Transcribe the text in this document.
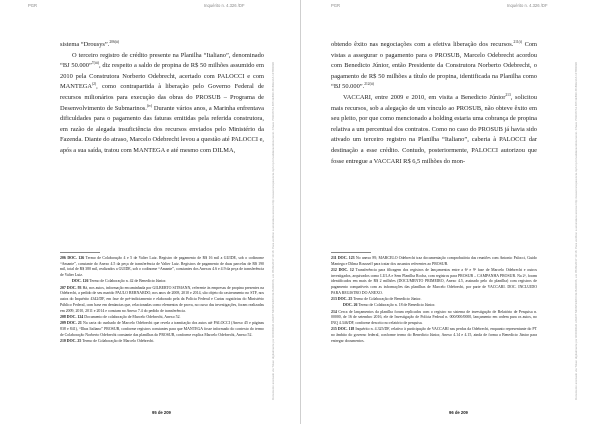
PGR	Inquérito n. 4.326 /DF

sistema “Drousys”.$^{206(ii)}$

O terceiro registro de crédito presente na Planilha “Italiano”, denominado “BJ 50.000”$^{7(iii)}$, diz respeito a saldo de propina de R$ 50 milhões assumido em 2010 pela Construtora Norberto Odebrecht, acertado com PALOCCI e com MANTEGA$^{(2)}$, como contrapartida à liberação pelo Governo Federal de recursos milionários para execução das obras do PROSUB – Programa de Desenvolvimento de Submarinos.$^{(iv)}$ Durante vários anos, a Marinha enfrentava dificuldades para o pagamento das faturas emitidas pela referida construtora, em razão de alegada insuficiência dos recursos enviados pelo Ministério da Fazenda. Diante do atraso, Marcelo Odebrecht levou a questão até PALOCCI e, após a sua saída, tratou com MANTEGA e até mesmo com DILMA,

206 DOC. 126 Termo de Colaboração 4 e 5 de Valter Luiz. Registro de pagamento de R$ 16 mil a GUIDE, sob o codinome “Amante”, constante do Anexo 4.5 da peça de transferência de Valter Luiz. Registros de pagamento de duas parcelas de R$ 190 mil, total de R$ 380 mil, realizados a GUIDE, sob o codinome “Amante”, constantes dos Anexos 4.6 e 4.9 da peça de transferência de Valter Luiz.

DOC. 126 Termo de Colaboração n. 42 de Benedicto Júnior.

207 DOC. 93 Há, nos autos, informação encaminhada por GILBERTO SITMANN, referente às empresas de propina presentes na Odebrecht, a pedido de seu marido PAULO BERNARDO, nos anos de 2008, 2010 e 2014, são objeto do rastreamento no STF, nos autos do Inquérito 4342/DF, em fase de pré-indiciamento e elaborado pela da Polícia Federal e Cartas rogatórias do Ministério Público Federal, com base em denúncias que, relacionadas como elementos de prova, no curso das investigações, foram realizadas em 2009, 2010, 2011 e 2014 e constam no Anexo 7.4 do pedido de transferência.

208 DOC. 124 Documento de colaboração de Marcelo Odebrecht, Anexo 52.

209 DOC. 21 Na carta do cunhado de Marcelo Odebrecht que revela a tramitação dos autos até PALOCCI (Anexo 45 e páginas 838 e 841), “Ilhas Italiano” PROSUB, conforme registros constantes para que MANTEGA fosse informado do contexto do termo de Colaboração Norberto Odebrecht constante das planilhas do PROSUB, conforme explica Marcelo Odebrecht, Anexo 52.

210 DOC. 25 Termo de Colaboração de Marcelo Odebrecht.

95 de 209
Documento assinado via Token digitalmente por RODRIGO JANOT MONTEIRO DE BARROS, em 05/09/2017 19:18. Para verificar a assinatura acesse http://www.transparencia.mpf.mp.br/validacaodocumento. Chave 7D1C87A1.B7F3EB3C.B1B2E3A6.1F7B0D90
PGR	Inquérito n. 4.326 /DF

obtendo êxito nas negociações com a efetiva liberação dos recursos.$^{211(i)}$ Com vistas a assegurar o pagamento para o PROSUB, Marcelo Odebrecht acordou com Benedicto Júnior, então Presidente da Construtora Norberto Odebrecht, o pagamento de R$ 50 milhões a título de propina, identificada na Planilha como “BJ 50.000”.$^{212(ii)}$

VACCARI, entre 2009 e 2010, em visita a Benedicto Júnior$^{213}$, solicitou mais recursos, sob a alegação de um vínculo ao PROSUB, não obteve êxito em seu pleito, por que como mencionado a holding estaria uma cobrança de propina relativa a um percentual dos contratos. Como no caso do PROSUB já havia sido ativado um terceiro registro na Planilha “Italiano”, caberia à PALOCCI dar destinação a esse crédito. Contudo, posteriormente, PALOCCI autorizou que fosse entregue a VACCARI R$ 6,5 milhões do mon-

211 DOC. 123 No anexo 89, MARCELO Odebrecht traz documentação comprobatória das reuniões com Antonio Palocci, Guido Mantega e Dilma Rousseff para tratar dos assuntos referentes ao PROSUB.

212 DOC. 12 Transferência para filtragem dos registros de lançamentos entre a 6ª e 9ª fase de Marcelo Odebrecht e outros investigados, arquivados como LULA e Sem Planilha Rocha, com registros para PROSUB – CAMPANHA PROSUB. Na 2ª, foram identificados em mais de R$ 2 milhões (DOCUMENTO PRIMEIRO, Anexo 4.5, assinado pelo do planilha) com registros de pagamento compatíveis com as informações das planilhas de Marcelo Odebrecht, por parte de VACCARI. DOC. INCLUIDO PARA REGISTRO DO ANEXO.

213 DOC. 25 Termo de Colaboração de Benedicto Júnior.

DOC. 26 Termo de Colaboração n. 18 de Benedicto Júnior.

214 Cerca de lançamentos da planilha foram replicados com o registro no sistema de investigação de Relatório de Pesquisa n. 00000, de 16 de setembro 2016, ele de Investigação de Polícia Federal n. 000/000/0000, lançamento em ordem para os autos, no INQ 4.346/DF, conforme descrito no relatório de pesquisa.

215 DOC. 118 Inquérito n. 4.325/DF, relativo à participação de VACCARI nas perdas da Odebrecht, enquanto representante do PT no âmbito do governo federal, conforme termo do Benedicto Júnior, Anexo 4.14 e 4.15, ainda de forma a Benedicto Júnior para entregar documentos.

96 de 209
Documento assinado via Token digitalmente por RODRIGO JANOT MONTEIRO DE BARROS, em 05/09/2017 19:18. Para verificar a assinatura acesse http://www.transparencia.mpf.mp.br/validacaodocumento. Chave 7D1C87A1.B7F3EB3C.B1B2E3A6.1F7B0D90
